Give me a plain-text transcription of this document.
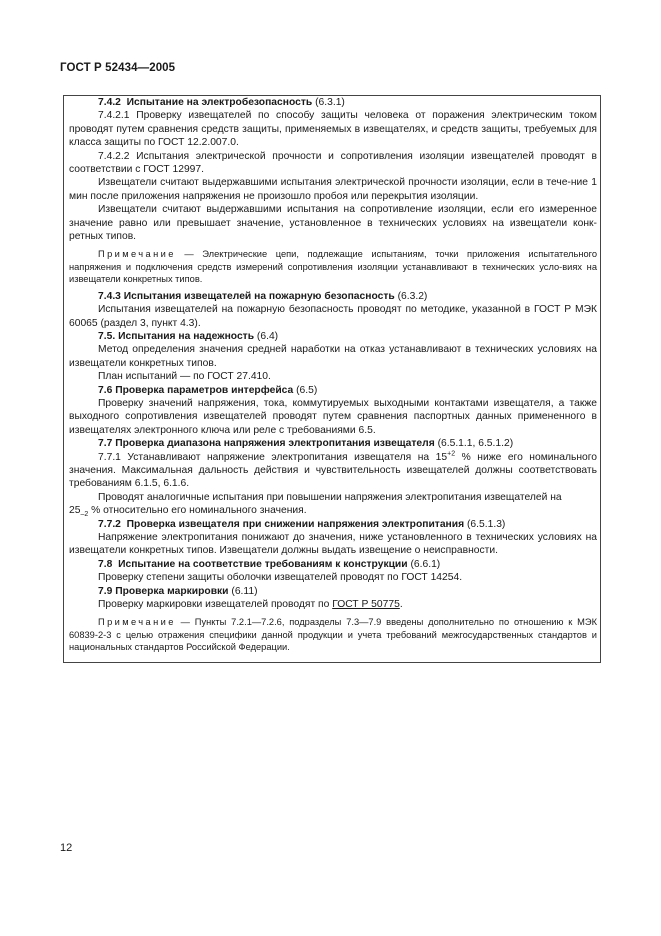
ГОСТ Р 52434—2005

7.4.2 Испытание на электробезопасность (6.3.1)

7.4.2.1 Проверку извещателей по способу защиты человека от поражения электрическим током проводят путем сравнения средств защиты, применяемых в извещателях, и средств защиты, требуемых для класса защиты по ГОСТ 12.2.007.0.

7.4.2.2 Испытания электрической прочности и сопротивления изоляции извещателей проводят в соответствии с ГОСТ 12997.

Извещатели считают выдержавшими испытания электрической прочности изоляции, если в тече-ние 1 мин после приложения напряжения не произошло пробоя или перекрытия изоляции.

Извещатели считают выдержавшими испытания на сопротивление изоляции, если его измеренное значение равно или превышает значение, установленное в технических условиях на извещатели конк-ретных типов.

Примечание — Электрические цепи, подлежащие испытаниям, точки приложения испытательного напряжения и подключения средств измерений сопротивления изоляции устанавливают в технических усло-виях на извещатели конкретных типов.

7.4.3 Испытания извещателей на пожарную безопасность (6.3.2)

Испытания извещателей на пожарную безопасность проводят по методике, указанной в ГОСТ Р МЭК 60065 (раздел 3, пункт 4.3).

7.5. Испытания на надежность (6.4)

Метод определения значения средней наработки на отказ устанавливают в технических условиях на извещатели конкретных типов.

План испытаний — по ГОСТ 27.410.

7.6 Проверка параметров интерфейса (6.5)

Проверку значений напряжения, тока, коммутируемых выходными контактами извещателя, а также выходного сопротивления извещателей проводят путем сравнения паспортных данных примененного в извещателях электронного ключа или реле с требованиями 6.5.

7.7 Проверка диапазона напряжения электропитания извещателя (6.5.1.1, 6.5.1.2)

7.7.1 Устанавливают напряжение электропитания извещателя на $15^{+2}$ % ниже его номинального значения. Максимальная дальность действия и чувствительность извещателей должны соответствовать требованиям 6.1.5, 6.1.6.

Проводят аналогичные испытания при повышении напряжения электропитания извещателей на

$25_{-2}$ % относительно его номинального значения.

7.7.2 Проверка извещателя при снижении напряжения электропитания (6.5.1.3)

Напряжение электропитания понижают до значения, ниже установленного в технических условиях на извещатели конкретных типов. Извещатели должны выдать извещение о неисправности.

7.8 Испытание на соответствие требованиям к конструкции (6.6.1)

Проверку степени защиты оболочки извещателей проводят по ГОСТ 14254.

7.9 Проверка маркировки (6.11)

Проверку маркировки извещателей проводят по ГОСТ Р 50775.

Примечание — Пункты 7.2.1—7.2.6, подразделы 7.3—7.9 введены дополнительно по отношению к МЭК 60839-2-3 с целью отражения специфики данной продукции и учета требований межгосударственных стандартов и национальных стандартов Российской Федерации.

12
